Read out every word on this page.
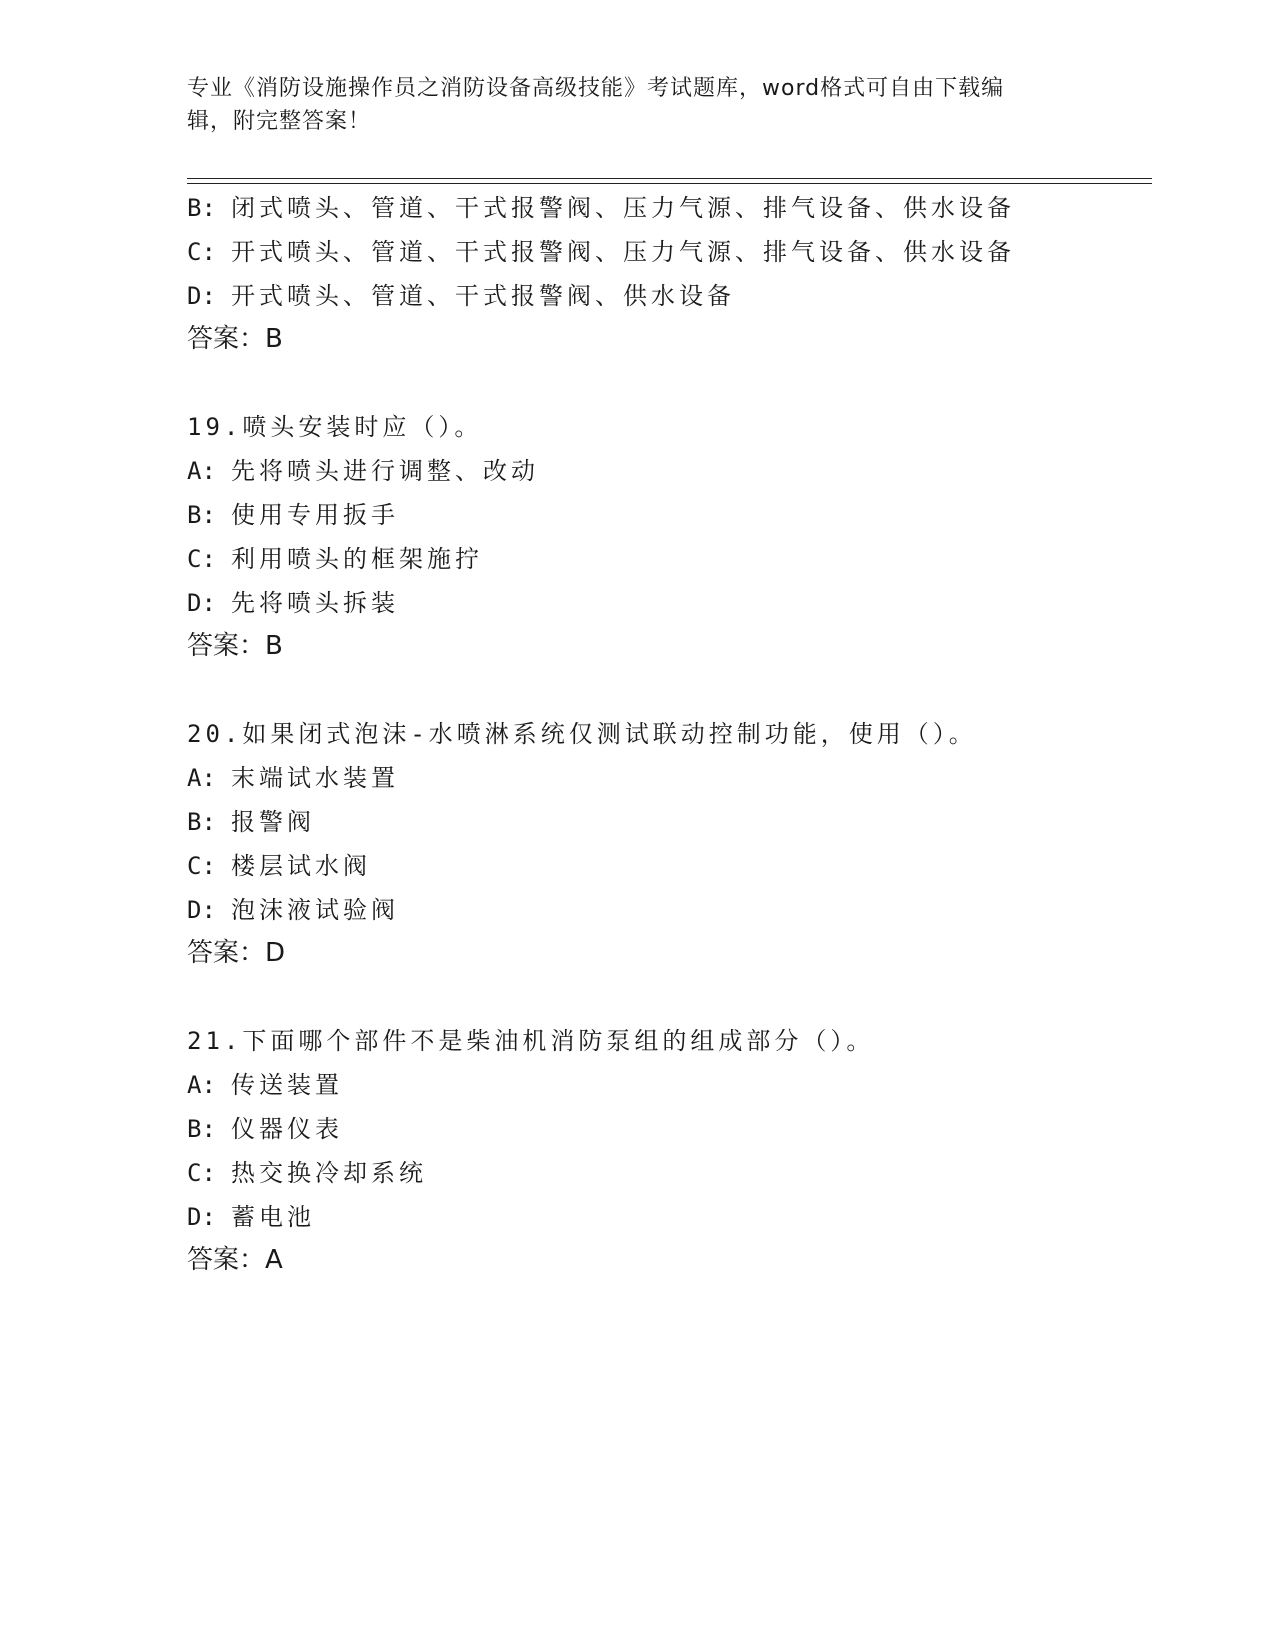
专业《消防设施操作员之消防设备高级技能》考试题库，word格式可自由下载编
辑，附完整答案！
B: 闭式喷头、管道、干式报警阀、压力气源、排气设备、供水设备
C: 开式喷头、管道、干式报警阀、压力气源、排气设备、供水设备
D: 开式喷头、管道、干式报警阀、供水设备
答案：B
19.喷头安装时应（）。
A: 先将喷头进行调整、改动
B: 使用专用扳手
C: 利用喷头的框架施拧
D: 先将喷头拆装
答案：B
20.如果闭式泡沫-水喷淋系统仅测试联动控制功能，使用（）。
A: 末端试水装置
B: 报警阀
C: 楼层试水阀
D: 泡沫液试验阀
答案：D
21.下面哪个部件不是柴油机消防泵组的组成部分（）。
A: 传送装置
B: 仪器仪表
C: 热交换冷却系统
D: 蓄电池
答案：A
